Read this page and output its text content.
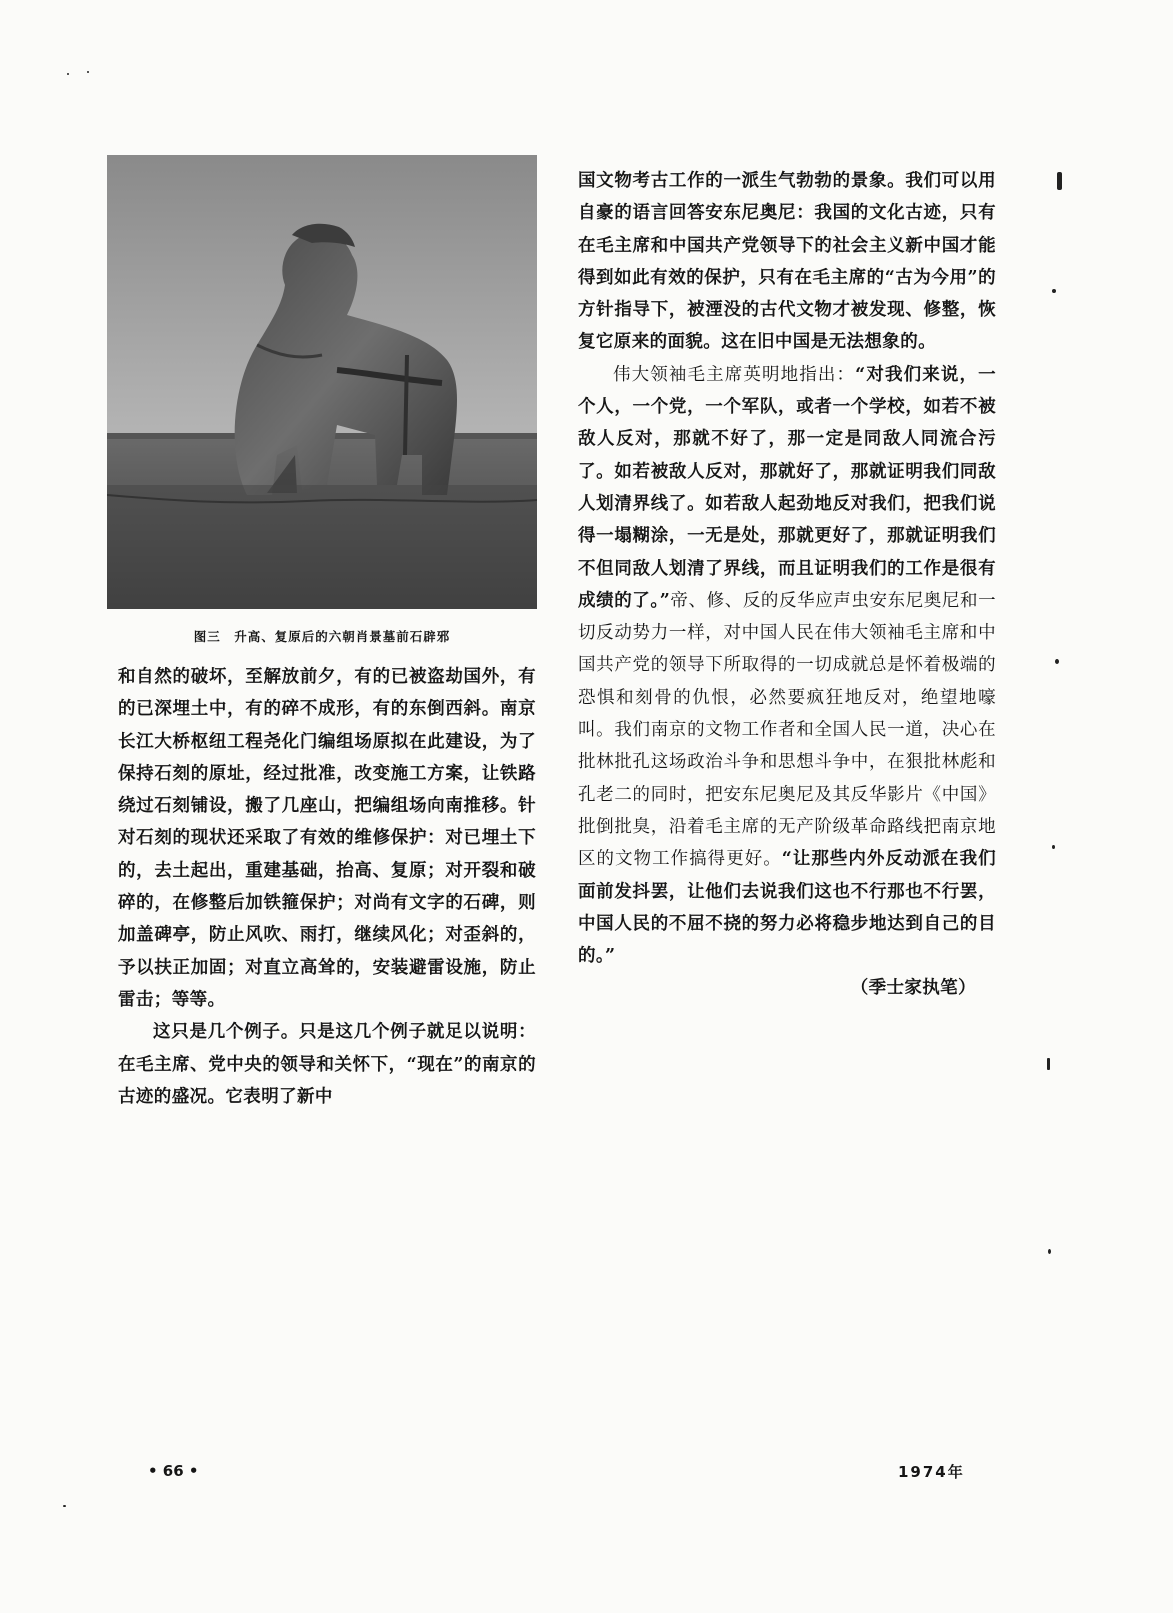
图三　升高、复原后的六朝肖景墓前石辟邪

和自然的破坏，至解放前夕，有的已被盗劫国外，有的已深埋土中，有的碎不成形，有的东倒西斜。南京长江大桥枢纽工程尧化门编组场原拟在此建设，为了保持石刻的原址，经过批准，改变施工方案，让铁路绕过石刻铺设，搬了几座山，把编组场向南推移。针对石刻的现状还采取了有效的维修保护：对已埋土下的，去土起出，重建基础，抬高、复原；对开裂和破碎的，在修整后加铁箍保护；对尚有文字的石碑，则加盖碑亭，防止风吹、雨打，继续风化；对歪斜的，予以扶正加固；对直立高耸的，安装避雷设施，防止雷击；等等。

这只是几个例子。只是这几个例子就足以说明：在毛主席、党中央的领导和关怀下，“现在”的南京的古迹的盛况。它表明了新中

国文物考古工作的一派生气勃勃的景象。我们可以用自豪的语言回答安东尼奥尼：我国的文化古迹，只有在毛主席和中国共产党领导下的社会主义新中国才能得到如此有效的保护，只有在毛主席的“古为今用”的方针指导下，被湮没的古代文物才被发现、修整，恢复它原来的面貌。这在旧中国是无法想象的。

伟大领袖毛主席英明地指出：“对我们来说，一个人，一个党，一个军队，或者一个学校，如若不被敌人反对，那就不好了，那一定是同敌人同流合污了。如若被敌人反对，那就好了，那就证明我们同敌人划清界线了。如若敌人起劲地反对我们，把我们说得一塌糊涂，一无是处，那就更好了，那就证明我们不但同敌人划清了界线，而且证明我们的工作是很有成绩的了。”帝、修、反的反华应声虫安东尼奥尼和一切反动势力一样，对中国人民在伟大领袖毛主席和中国共产党的领导下所取得的一切成就总是怀着极端的恐惧和刻骨的仇恨，必然要疯狂地反对，绝望地嚎叫。我们南京的文物工作者和全国人民一道，决心在批林批孔这场政治斗争和思想斗争中，在狠批林彪和孔老二的同时，把安东尼奥尼及其反华影片《中国》批倒批臭，沿着毛主席的无产阶级革命路线把南京地区的文物工作搞得更好。“让那些内外反动派在我们面前发抖罢，让他们去说我们这也不行那也不行罢，中国人民的不屈不挠的努力必将稳步地达到自己的目的。”

（季士家执笔）

• 66 •	1974年
